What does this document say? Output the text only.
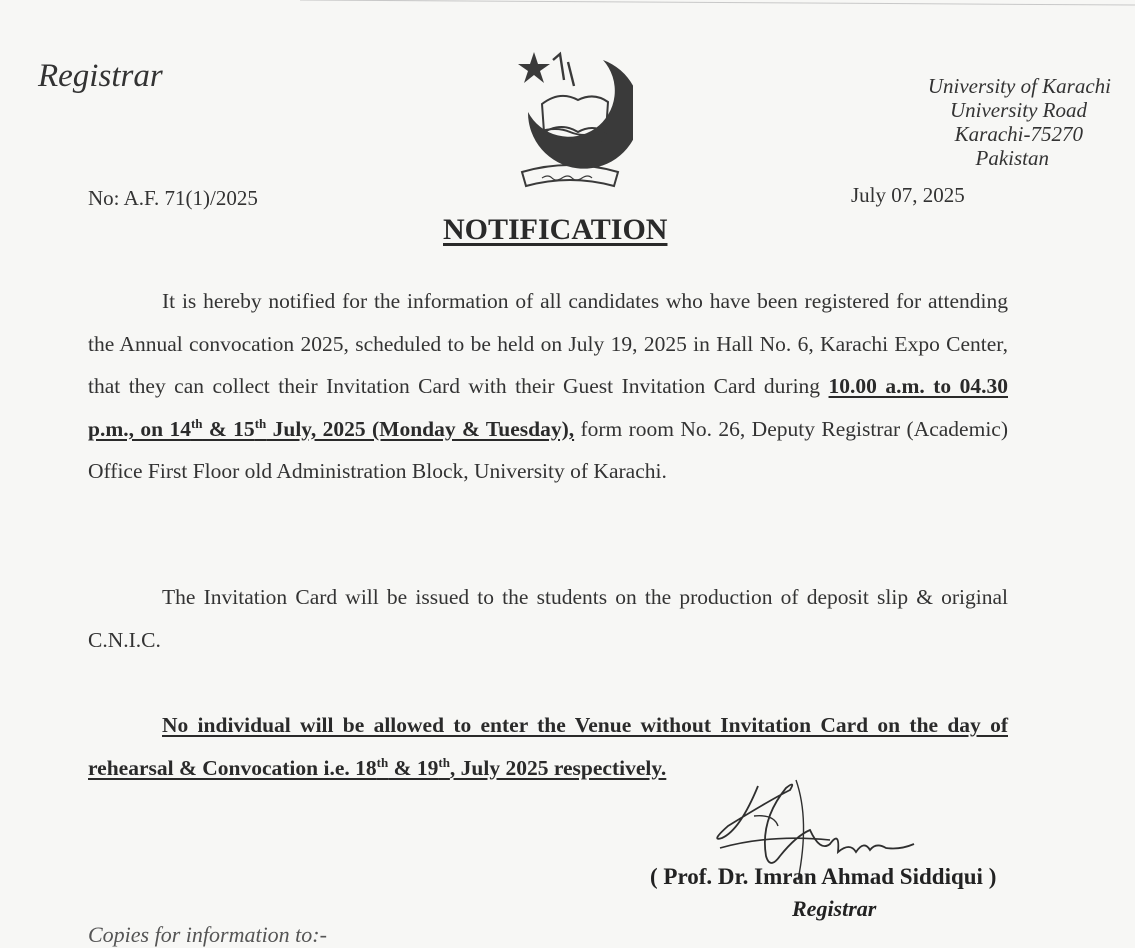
Registrar	University of Karachi
University Road
Karachi-75270
Pakistan
No: A.F. 71(1)/2025	July 07, 2025
NOTIFICATION
It is hereby notified for the information of all candidates who have been registered for attending the Annual convocation 2025, scheduled to be held on July 19, 2025 in Hall No. 6, Karachi Expo Center, that they can collect their Invitation Card with their Guest Invitation Card during 10.00 a.m. to 04.30 p.m., on 14th & 15th July, 2025 (Monday & Tuesday), form room No. 26, Deputy Registrar (Academic) Office First Floor old Administration Block, University of Karachi.
The Invitation Card will be issued to the students on the production of deposit slip & original C.N.I.C.
No individual will be allowed to enter the Venue without Invitation Card on the day of rehearsal & Convocation i.e. 18th & 19th, July 2025 respectively.
( Prof. Dr. Imran Ahmad Siddiqui )
Registrar
Copies for information to:-
